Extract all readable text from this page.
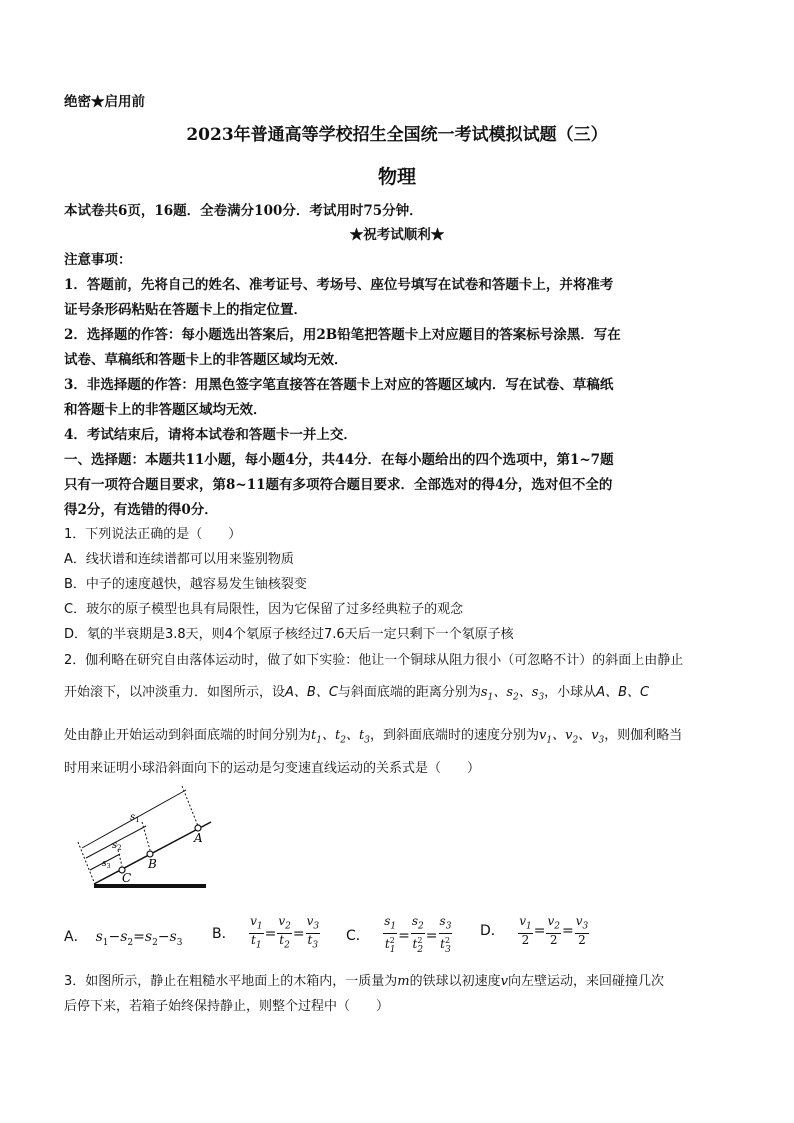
绝密★启用前
2023年普通高等学校招生全国统一考试模拟试题（三）
物理
本试卷共6页，16题．全卷满分100分．考试用时75分钟．
★祝考试顺利★
注意事项：
1．答题前，先将自己的姓名、准考证号、考场号、座位号填写在试卷和答题卡上，并将准考
证号条形码粘贴在答题卡上的指定位置．
2．选择题的作答：每小题选出答案后，用2B铅笔把答题卡上对应题目的答案标号涂黑．写在
试卷、草稿纸和答题卡上的非答题区域均无效．
3．非选择题的作答：用黑色签字笔直接答在答题卡上对应的答题区域内．写在试卷、草稿纸
和答题卡上的非答题区域均无效．
4．考试结束后，请将本试卷和答题卡一并上交．
一、选择题：本题共11小题，每小题4分，共44分．在每小题给出的四个选项中，第1~7题
只有一项符合题目要求，第8~11题有多项符合题目要求．全部选对的得4分，选对但不全的
得2分，有选错的得0分．
1．下列说法正确的是（　　）
A．线状谱和连续谱都可以用来鉴别物质
B．中子的速度越快，越容易发生铀核裂变
C．玻尔的原子模型也具有局限性，因为它保留了过多经典粒子的观念
D．氡的半衰期是3.8天，则4个氡原子核经过7.6天后一定只剩下一个氡原子核
2．伽利略在研究自由落体运动时，做了如下实验：他让一个铜球从阻力很小（可忽略不计）的斜面上由静止
开始滚下，以冲淡重力．如图所示，设A、B、C与斜面底端的距离分别为$s_1$、$s_2$、$s_3$，小球从A、B、C
处由静止开始运动到斜面底端的时间分别为$t_1$、$t_2$、$t_3$，到斜面底端时的速度分别为$v_1$、$v_2$、$v_3$，则伽利略当
时用来证明小球沿斜面向下的运动是匀变速直线运动的关系式是（　　）
A
B
C
$s_1$
$s_2$
$s_3$
A． $s_1-s_2=s_2-s_3$
B． $\frac{v_1}{t_1} = \frac{v_2}{t_2} = \frac{v_3}{t_3}$ C． $\frac{s_1}{t^2_1} = \frac{s_2}{t^2_2} = \frac{s_3}{t^2_3}$ D． $\frac{v_1}{2} = \frac{v_2}{2} = \frac{v_3}{2}$
3．如图所示，静止在粗糙水平地面上的木箱内，一质量为m的铁球以初速度v向左壁运动，来回碰撞几次
后停下来，若箱子始终保持静止，则整个过程中（　　）
